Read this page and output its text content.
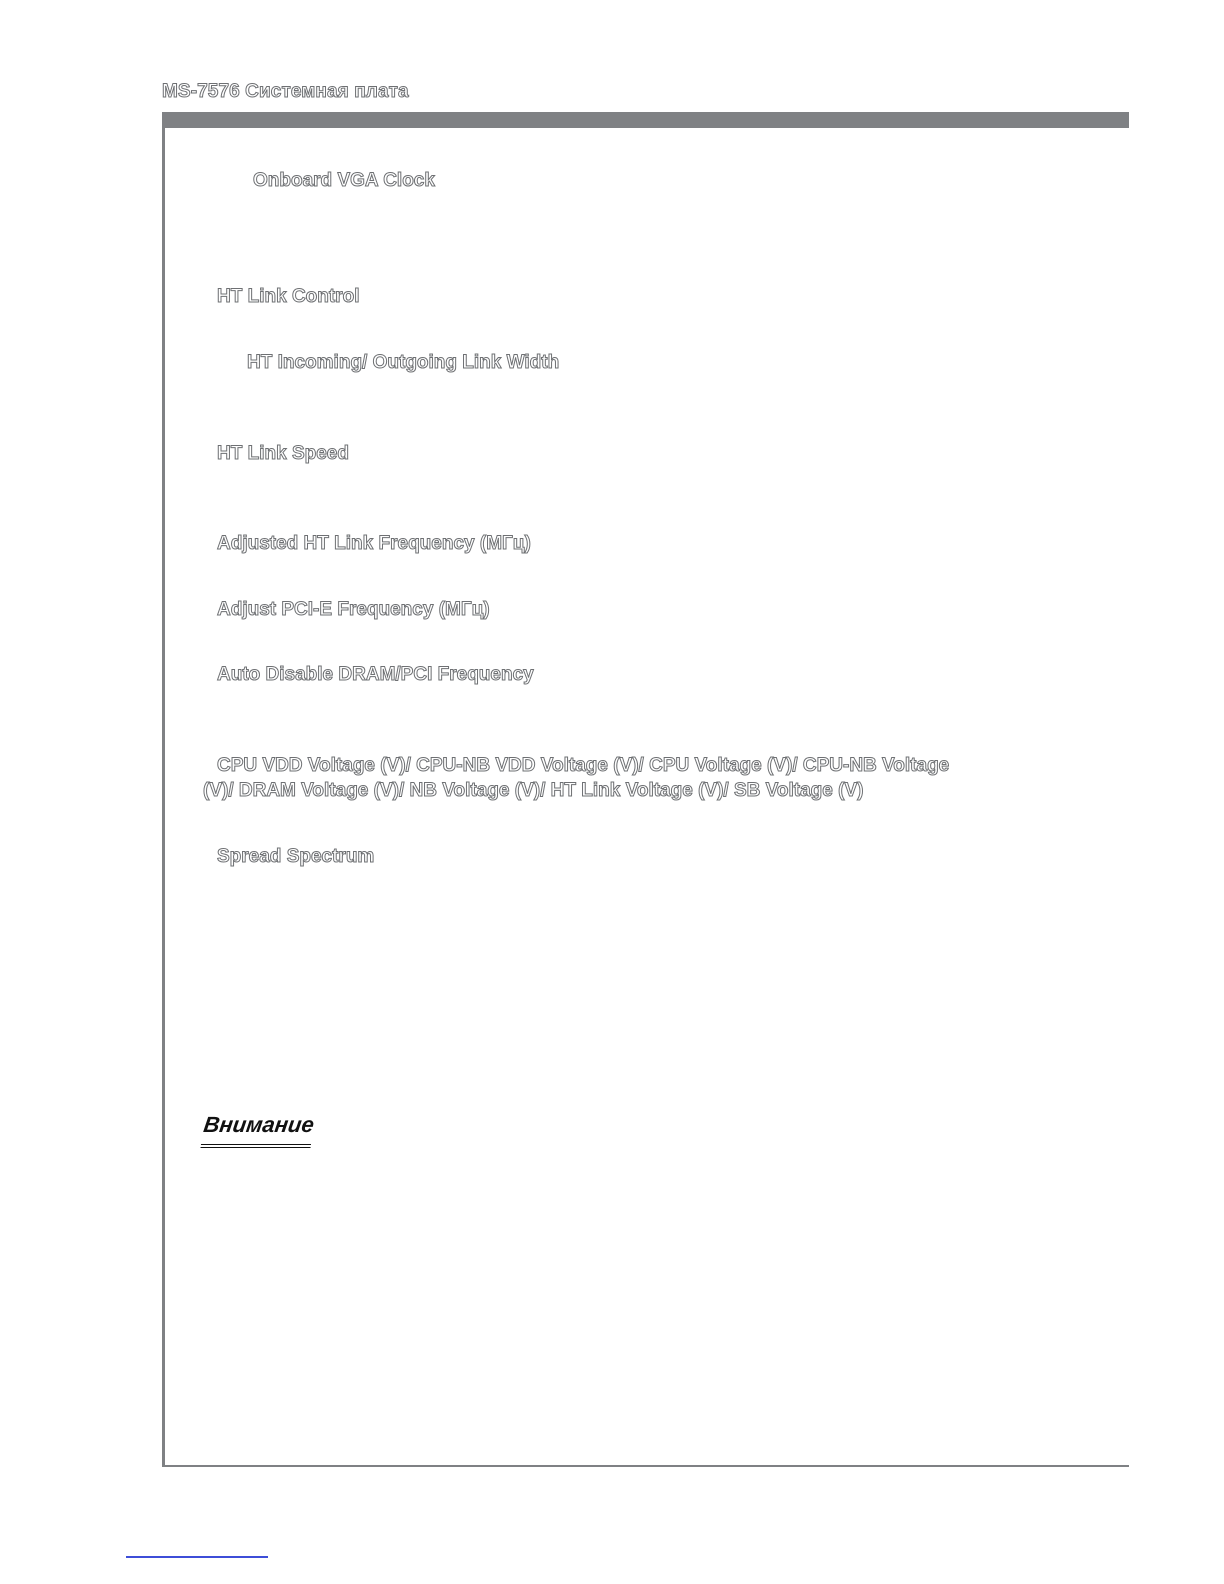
MS-7576 Системная плата
Onboard VGA Clock
HT Link Control
HT Incoming/ Outgoing Link Width
HT Link Speed
Adjusted HT Link Frequency (МГц)
Adjust PCI-E Frequency (МГц)
Auto Disable DRAM/PCI Frequency
CPU VDD Voltage (V)/ CPU-NB VDD Voltage (V)/ CPU Voltage (V)/ CPU-NB Voltage
(V)/ DRAM Voltage (V)/ NB Voltage (V)/ HT Link Voltage (V)/ SB Voltage (V)
Spread Spectrum
Внимание
